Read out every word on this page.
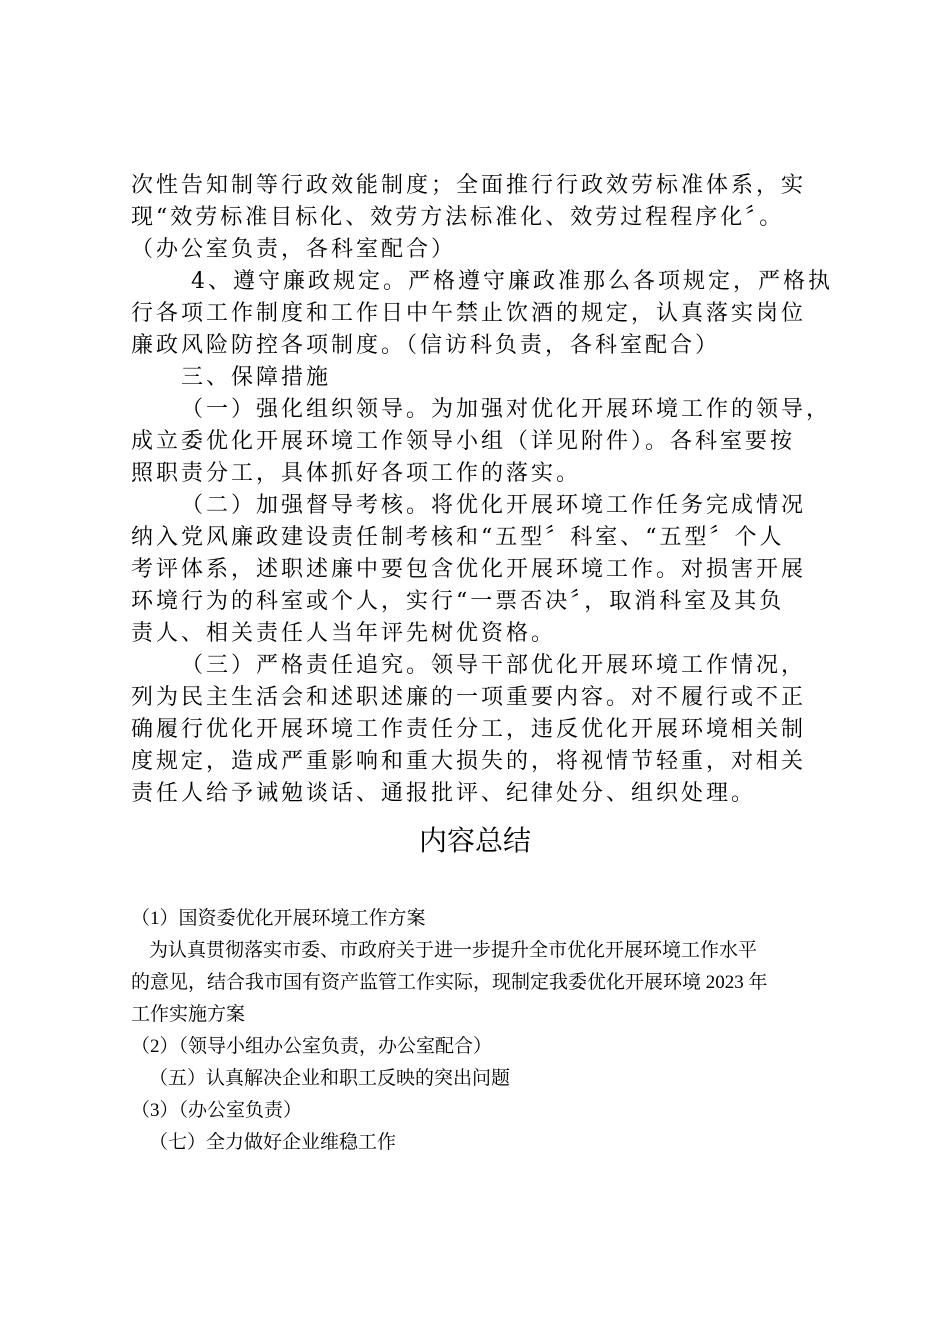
次性告知制等行政效能制度；全面推行行政效劳标准体系，实
现“效劳标准目标化、效劳方法标准化、效劳过程程序化〞。
（办公室负责，各科室配合）
4、遵守廉政规定。严格遵守廉政准那么各项规定，严格执
行各项工作制度和工作日中午禁止饮酒的规定，认真落实岗位
廉政风险防控各项制度。（信访科负责，各科室配合）
三、保障措施
（一）强化组织领导。为加强对优化开展环境工作的领导，
成立委优化开展环境工作领导小组（详见附件）。各科室要按
照职责分工，具体抓好各项工作的落实。
（二）加强督导考核。将优化开展环境工作任务完成情况
纳入党风廉政建设责任制考核和“五型〞科室、“五型〞个人
考评体系，述职述廉中要包含优化开展环境工作。对损害开展
环境行为的科室或个人，实行“一票否决〞，取消科室及其负
责人、相关责任人当年评先树优资格。
（三）严格责任追究。领导干部优化开展环境工作情况，
列为民主生活会和述职述廉的一项重要内容。对不履行或不正
确履行优化开展环境工作责任分工，违反优化开展环境相关制
度规定，造成严重影响和重大损失的，将视情节轻重，对相关
责任人给予诫勉谈话、通报批评、纪律处分、组织处理。
内容总结
（1）国资委优化开展环境工作方案
为认真贯彻落实市委、市政府关于进一步提升全市优化开展环境工作水平
的意见，结合我市国有资产监管工作实际，现制定我委优化开展环境 2023 年
工作实施方案
（2）（领导小组办公室负责，办公室配合）
（五）认真解决企业和职工反映的突出问题
（3）（办公室负责）
（七）全力做好企业维稳工作
